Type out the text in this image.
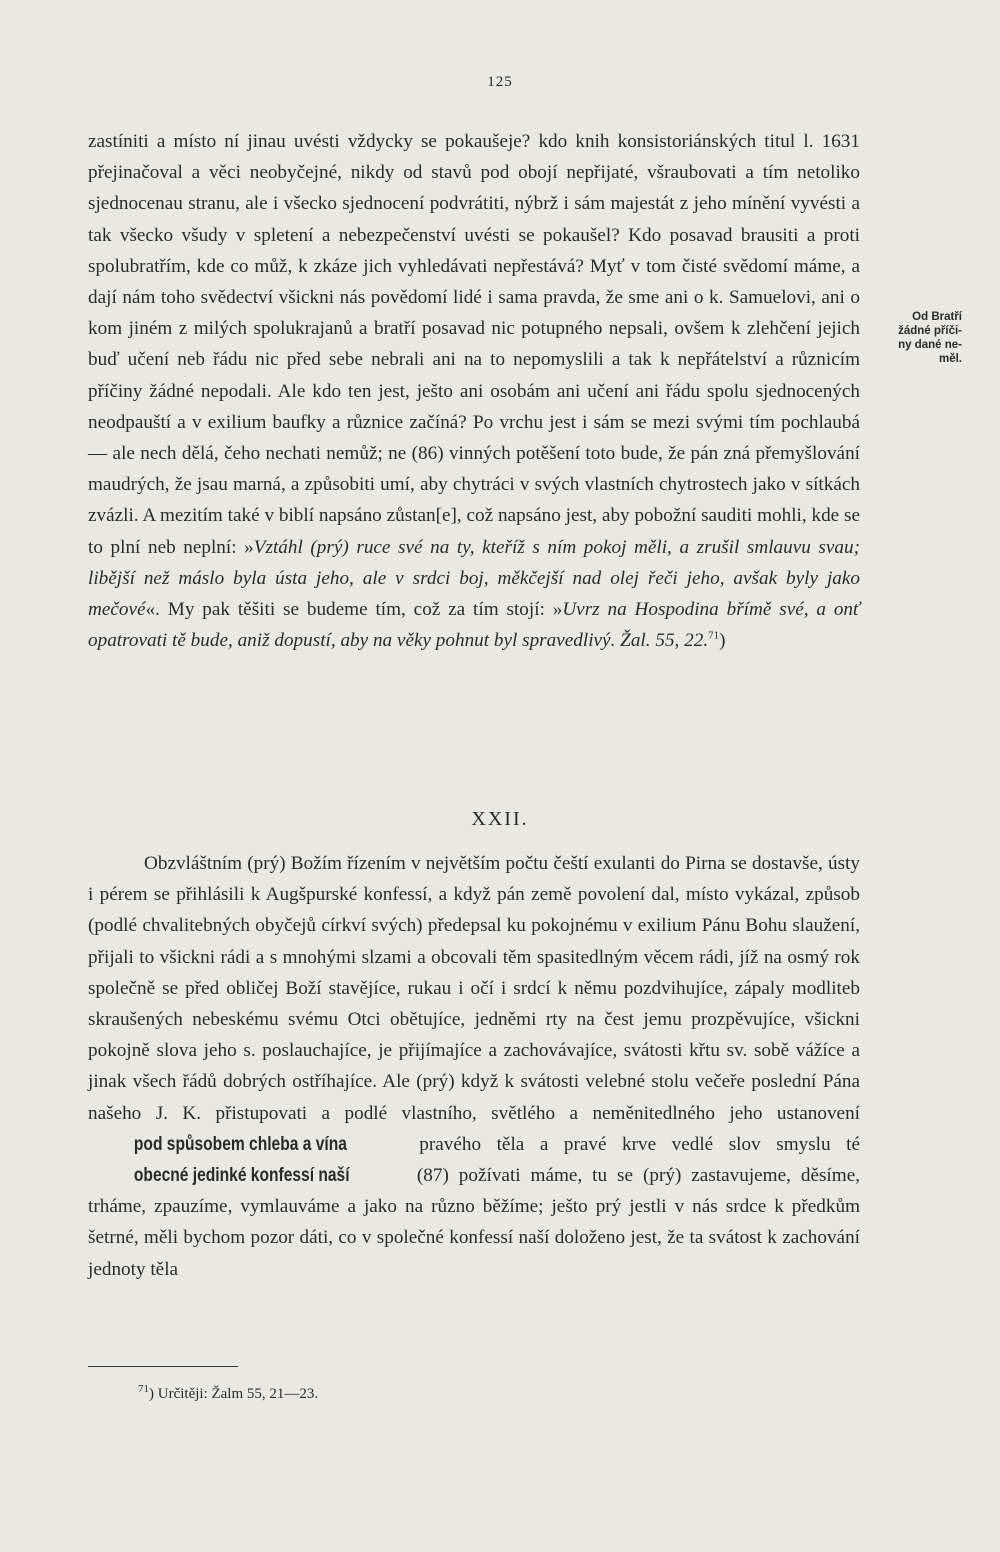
125

zastíniti a místo ní jinau uvésti vždycky se pokaušeje? kdo knih konsistoriánských titul l. 1631 přejinačoval a věci neobyčejné, nikdy od stavů pod obojí nepřijaté, všraubovati a tím netoliko sjednocenau stranu, ale i všecko sjednocení podvrátiti, nýbrž i sám majestát z jeho mínění vyvésti a tak všecko všudy v spletení a nebezpečenství uvésti se pokaušel? Kdo posavad brausiti a proti spolubratřím, kde co můž, k zkáze jich vyhledávati nepřestává? Myť v tom čisté svědomí máme, a dají nám toho svědectví všickni nás povědomí lidé i sama pravda, že sme ani o k. Samuelovi, ani o kom jiném z milých spolukrajanů a bratří posavad nic potupného nepsali, ovšem k zlehčení jejich buď učení neb řádu nic před sebe nebrali ani na to nepomyslili a tak k nepřátelství a různicím příčiny žádné nepodali. Ale kdo ten jest, ješto ani osobám ani učení ani řádu spolu sjednocených neodpauští a v exilium baufky a různice začíná? Po vrchu jest i sám se mezi svými tím pochlaubá — ale nech dělá, čeho nechati nemůž; ne (86) vinných potěšení toto bude, že pán zná přemyšlování maudrých, že jsau marná, a způsobiti umí, aby chytráci v svých vlastních chytrostech jako v sítkách zvázli. A mezitím také v biblí napsáno zůstan[e], což napsáno jest, aby pobožní sauditi mohli, kde se to plní neb neplní: »Vztáhl (prý) ruce své na ty, kteříž s ním pokoj měli, a zrušil smlauvu svau; libější než máslo byla ústa jeho, ale v srdci boj, měkčejší nad olej řeči jeho, avšak byly jako mečové«. My pak těšiti se budeme tím, což za tím stojí: »Uvrz na Hospodina břímě své, a onť opatrovati tě bude, aniž dopustí, aby na věky pohnut byl spravedlivý. Žal. 55, 22.71)

Od Bratří
žádné příči-
ny dané ne-
měl.
XXII.

Obzvláštním (prý) Božím řízením v největším počtu čeští exulanti do Pirna se dostavše, ústy i pérem se přihlásili k Augšpurské konfessí, a když pán země povolení dal, místo vykázal, způsob (podlé chvalitebných obyčejů církví svých) předepsal ku pokojnému v exilium Pánu Bohu slaužení, přijali to všickni rádi a s mnohými slzami a obcovali těm spasitedlným věcem rádi, jíž na osmý rok společně se před obličej Boží stavějíce, rukau i očí i srdcí k němu pozdvihujíce, zápaly modlitеb skraušených nebeskému svému Otci obětujíce, jedněmi rty na čest jemu prozpěvujíce, všickni pokojně slova jeho s. poslauchajíce, je přijímajíce a zachovávajíce, svátosti křtu sv. sobě vážíce a jinak všech řádů dobrých ostříhajíce. Ale (prý) když k svátosti velebné stolu večeře poslední Pána našeho J. K. přistupovati a podlé vlastního, světlého a neměnitedlného jeho ustanovení pod spůsobem chleba a vína	pravého těla a pravé krve vedlé slov smyslu té obecné jedinké konfessí naší	(87) požívati máme, tu se (prý) zastavujeme, děsíme, trháme, zpauzíme, vymlauváme a jako na různo běžíme; ješto prý jestli v nás srdce k předkům šetrné, měli bychom pozor dáti, co v společné konfessí naší doloženo jest, že ta svátost k zachování jednoty těla

$^{71}$) Určitěji: Žalm 55, 21—23.
